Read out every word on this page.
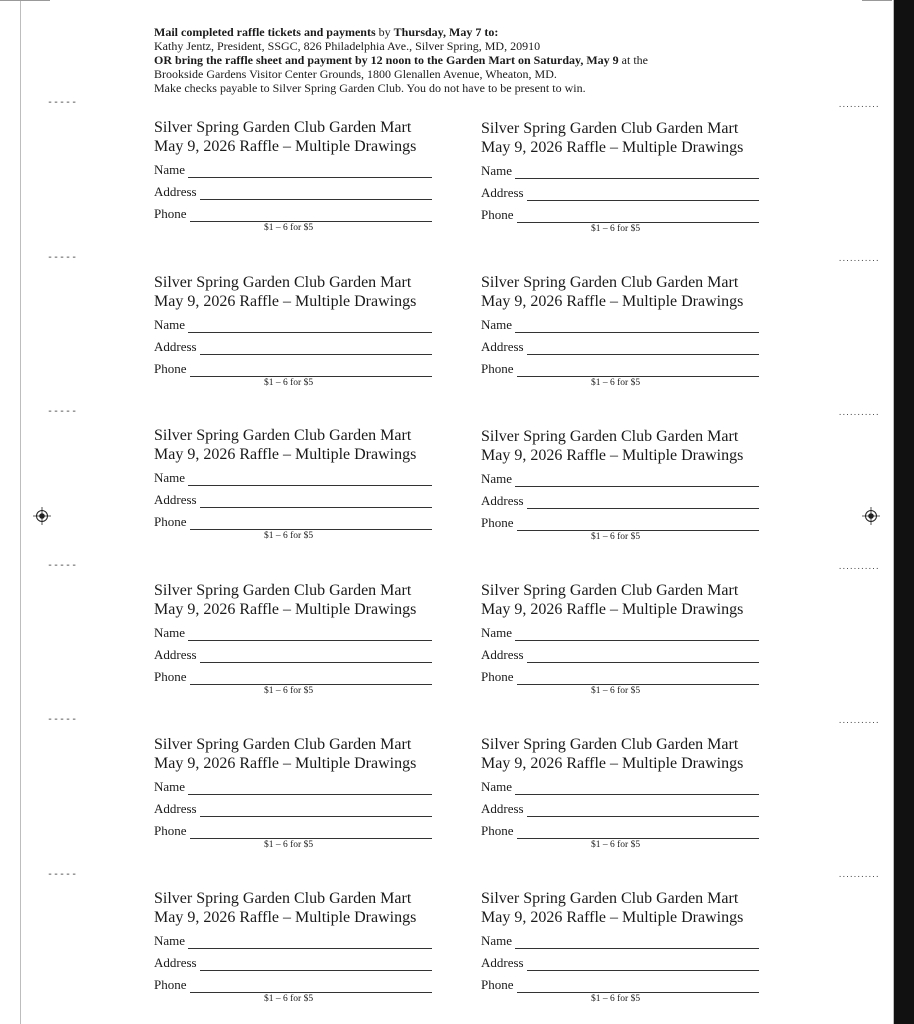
Mail completed raffle tickets and payments by Thursday, May 7 to:
Kathy Jentz, President, SSGC, 826 Philadelphia Ave., Silver Spring, MD, 20910
OR bring the raffle sheet and payment by 12 noon to the Garden Mart on Saturday, May 9 at the
Brookside Gardens Visitor Center Grounds, 1800 Glenallen Avenue, Wheaton, MD.
Make checks payable to Silver Spring Garden Club. You do not have to be present to win.
-----
-----
-----
-----
-----
-----
...........
...........
...........
...........
...........
...........
Silver Spring Garden Club Garden Mart
May 9, 2026 Raffle – Multiple Drawings
Name
Address
Phone
$1 – 6 for $5
Silver Spring Garden Club Garden Mart
May 9, 2026 Raffle – Multiple Drawings
Name
Address
Phone
$1 – 6 for $5
Silver Spring Garden Club Garden Mart
May 9, 2026 Raffle – Multiple Drawings
Name
Address
Phone
$1 – 6 for $5
Silver Spring Garden Club Garden Mart
May 9, 2026 Raffle – Multiple Drawings
Name
Address
Phone
$1 – 6 for $5
Silver Spring Garden Club Garden Mart
May 9, 2026 Raffle – Multiple Drawings
Name
Address
Phone
$1 – 6 for $5
Silver Spring Garden Club Garden Mart
May 9, 2026 Raffle – Multiple Drawings
Name
Address
Phone
$1 – 6 for $5
Silver Spring Garden Club Garden Mart
May 9, 2026 Raffle – Multiple Drawings
Name
Address
Phone
$1 – 6 for $5
Silver Spring Garden Club Garden Mart
May 9, 2026 Raffle – Multiple Drawings
Name
Address
Phone
$1 – 6 for $5
Silver Spring Garden Club Garden Mart
May 9, 2026 Raffle – Multiple Drawings
Name
Address
Phone
$1 – 6 for $5
Silver Spring Garden Club Garden Mart
May 9, 2026 Raffle – Multiple Drawings
Name
Address
Phone
$1 – 6 for $5
Silver Spring Garden Club Garden Mart
May 9, 2026 Raffle – Multiple Drawings
Name
Address
Phone
$1 – 6 for $5
Silver Spring Garden Club Garden Mart
May 9, 2026 Raffle – Multiple Drawings
Name
Address
Phone
$1 – 6 for $5
